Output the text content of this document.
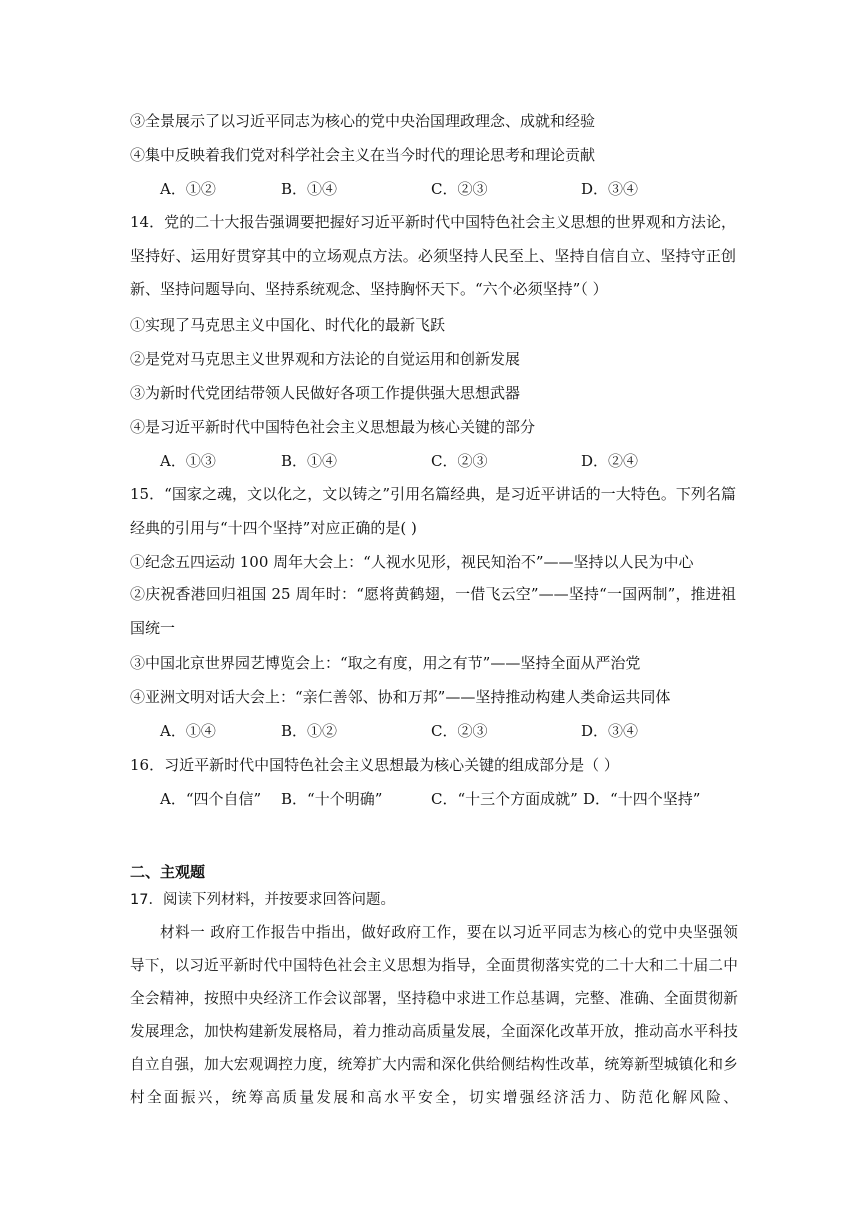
③全景展示了以习近平同志为核心的党中央治国理政理念、成就和经验
④集中反映着我们党对科学社会主义在当今时代的理论思考和理论贡献
A．①②	B．①④	C．②③	D．③④
14．党的二十大报告强调要把握好习近平新时代中国特色社会主义思想的世界观和方法论，坚持好、运用好贯穿其中的立场观点方法。必须坚持人民至上、坚持自信自立、坚持守正创新、坚持问题导向、坚持系统观念、坚持胸怀天下。“六个必须坚持”（ ）
①实现了马克思主义中国化、时代化的最新飞跃
②是党对马克思主义世界观和方法论的自觉运用和创新发展
③为新时代党团结带领人民做好各项工作提供强大思想武器
④是习近平新时代中国特色社会主义思想最为核心关键的部分
A．①③	B．①④	C．②③	D．②④
15．“国家之魂，文以化之，文以铸之”引用名篇经典，是习近平讲话的一大特色。下列名篇经典的引用与“十四个坚持”对应正确的是( )
①纪念五四运动 100 周年大会上：“人视水见形，视民知治不”——坚持以人民为中心
②庆祝香港回归祖国 25 周年时：“愿将黄鹤翅，一借飞云空”——坚持“一国两制”，推进祖国统一
③中国北京世界园艺博览会上：“取之有度，用之有节”——坚持全面从严治党
④亚洲文明对话大会上：“亲仁善邻、协和万邦”——坚持推动构建人类命运共同体
A．①④	B．①②	C．②③	D．③④
16．习近平新时代中国特色社会主义思想最为核心关键的组成部分是（ ）
A．“四个自信” B．“十个明确”	C．“十三个方面成就” D．“十四个坚持”
二、主观题
17．阅读下列材料，并按要求回答问题。
材料一 政府工作报告中指出，做好政府工作，要在以习近平同志为核心的党中央坚强领导下，以习近平新时代中国特色社会主义思想为指导，全面贯彻落实党的二十大和二十届二中全会精神，按照中央经济工作会议部署，坚持稳中求进工作总基调，完整、准确、全面贯彻新发展理念，加快构建新发展格局，着力推动高质量发展，全面深化改革开放，推动高水平科技自立自强，加大宏观调控力度，统筹扩大内需和深化供给侧结构性改革，统筹新型城镇化和乡村全面振兴，统筹高质量发展和高水平安全，切实增强经济活力、防范化解风险、
